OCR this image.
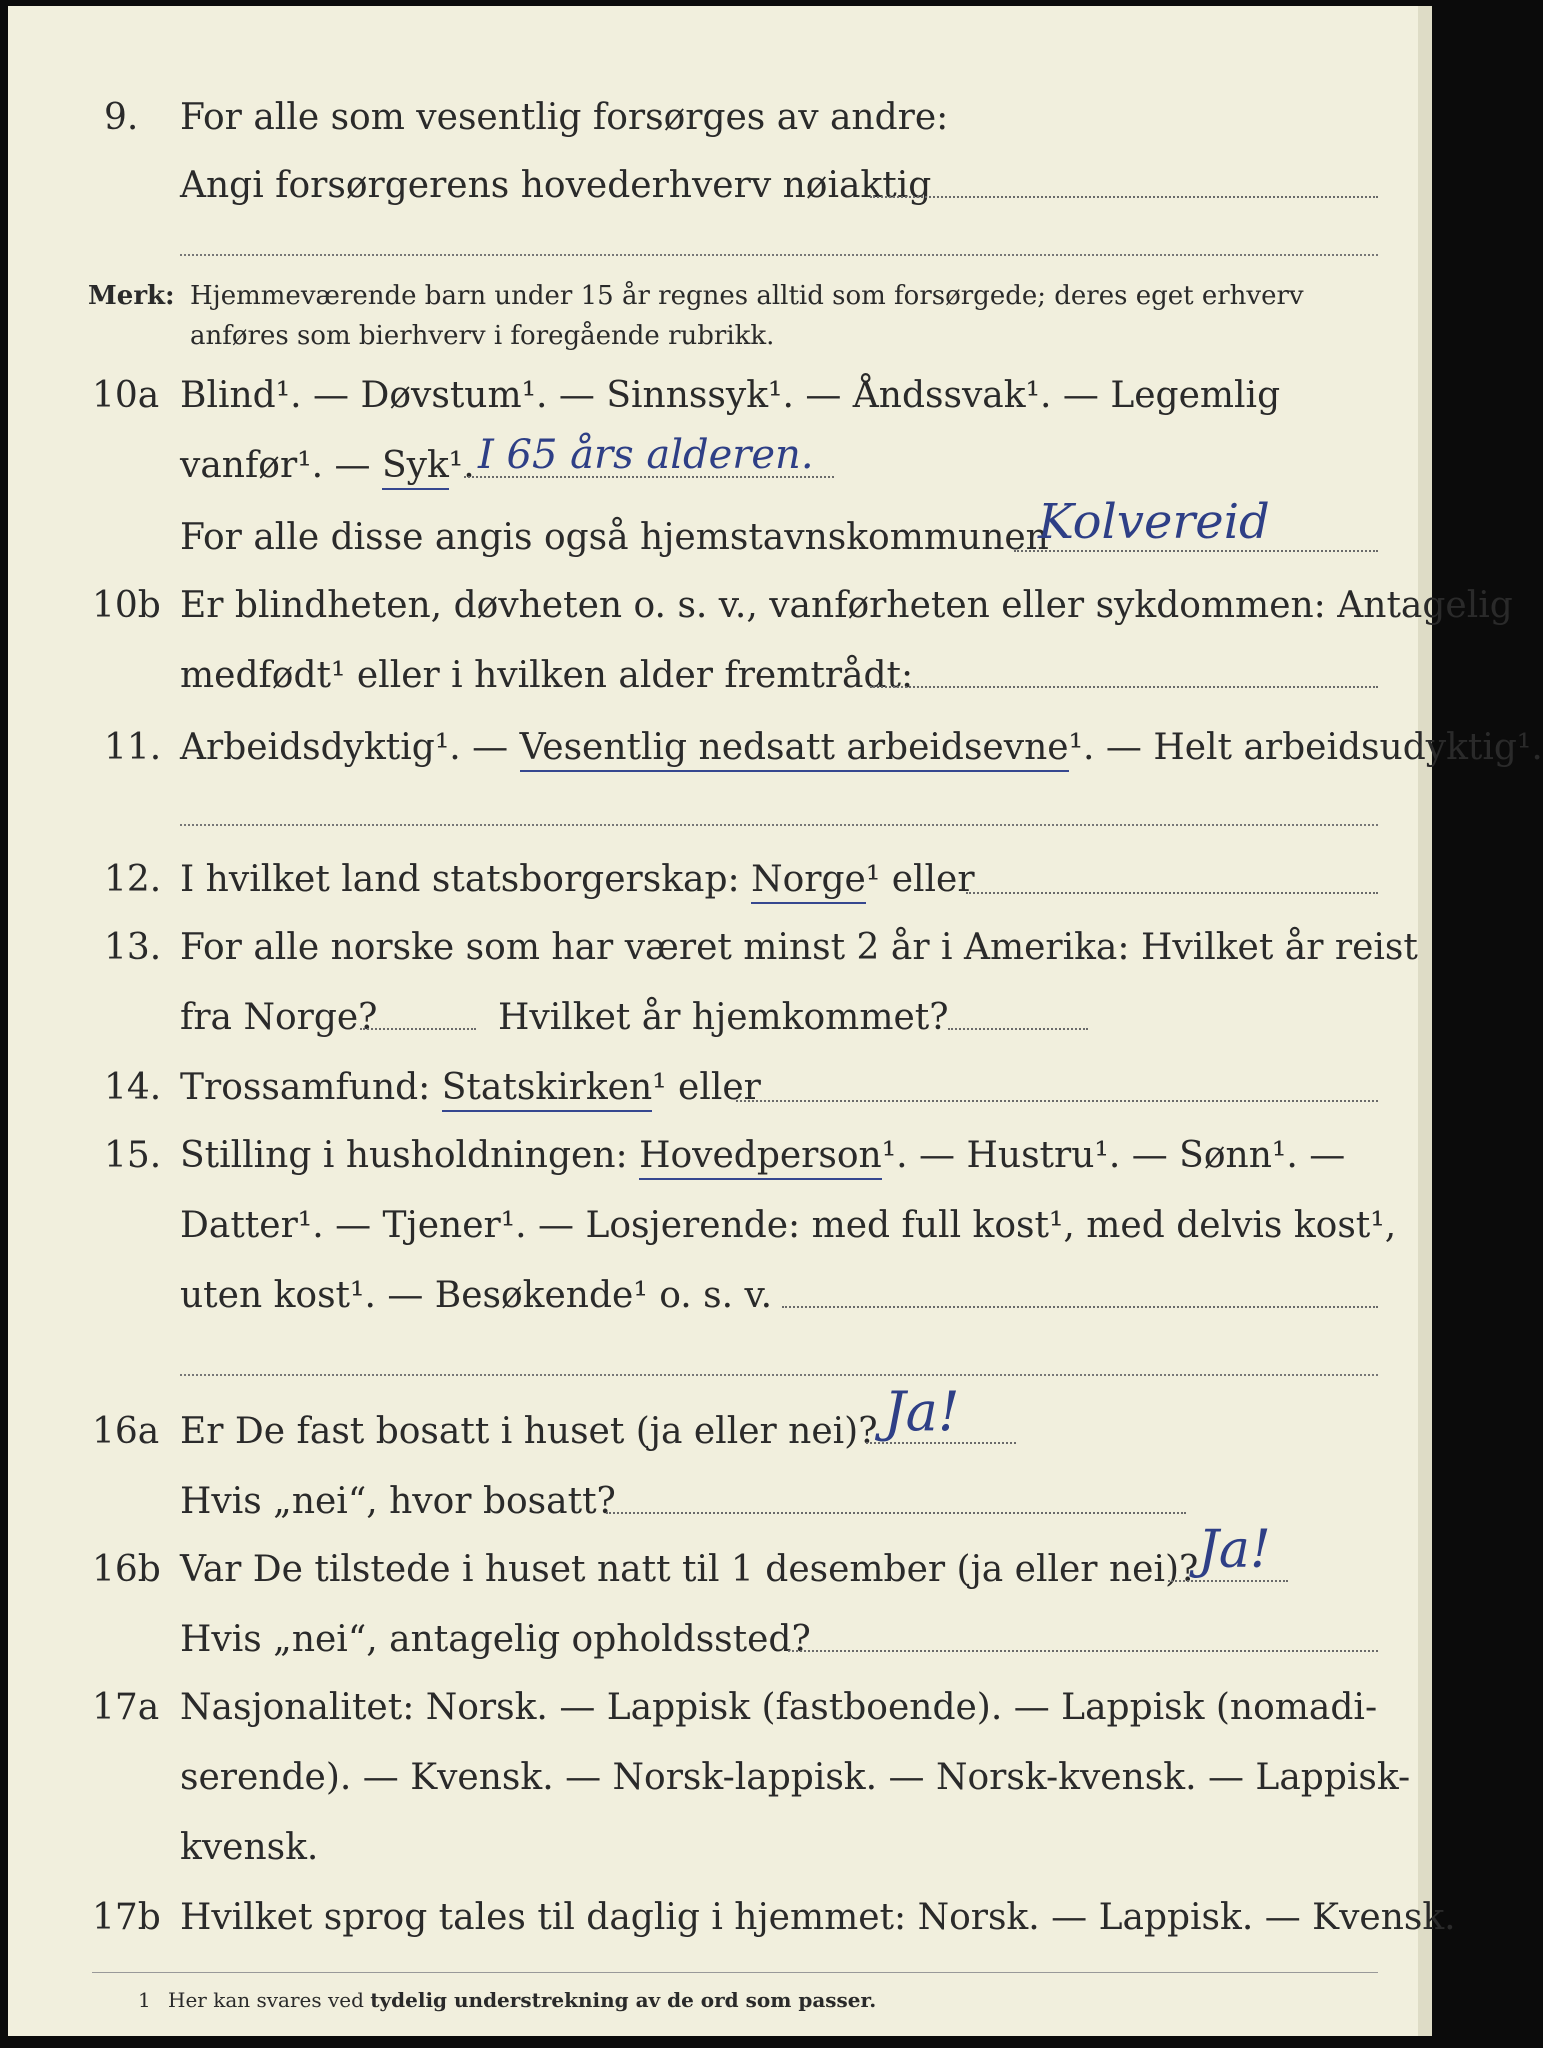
9. For alle som vesentlig forsørges av andre:
Angi forsørgerens hovederhverv nøiaktig
Merk: Hjemmeværende barn under 15 år regnes alltid som forsørgede; deres eget erhverv
anføres som bierhverv i foregående rubrikk.
10a Blind¹. — Døvstum¹. — Sinnssyk¹. — Åndssvak¹. — Legemlig
vanfør¹. — Syk¹. I 65 års alderen.
For alle disse angis også hjemstavnskommunen
Kolvereid
10b Er blindheten, døvheten o. s. v., vanførheten eller sykdommen: Antagelig
medfødt¹ eller i hvilken alder fremtrådt:
11. Arbeidsdyktig¹. — Vesentlig nedsatt arbeidsevne¹. — Helt arbeidsudyktig¹.
12. I hvilket land statsborgerskap: Norge¹ eller
13. For alle norske som har været minst 2 år i Amerika: Hvilket år reist
fra Norge?	Hvilket år hjemkommet?
14. Trossamfund: Statskirken¹ eller
15. Stilling i husholdningen: Hovedperson¹. — Hustru¹. — Sønn¹. —
Datter¹. — Tjener¹. — Losjerende: med full kost¹, med delvis kost¹,
uten kost¹. — Besøkende¹ o. s. v.
16a Er De fast bosatt i huset (ja eller nei)? Ja!
Hvis „nei“, hvor bosatt?
16b Var De tilstede i huset natt til 1 desember (ja eller nei)? Ja!
Hvis „nei“, antagelig opholdssted?
17a Nasjonalitet: Norsk. — Lappisk (fastboende). — Lappisk (nomadi-
serende). — Kvensk. — Norsk-lappisk. — Norsk-kvensk. — Lappisk-
kvensk.
17b Hvilket sprog tales til daglig i hjemmet: Norsk. — Lappisk. — Kvensk.
1 Her kan svares ved tydelig understrekning av de ord som passer.
